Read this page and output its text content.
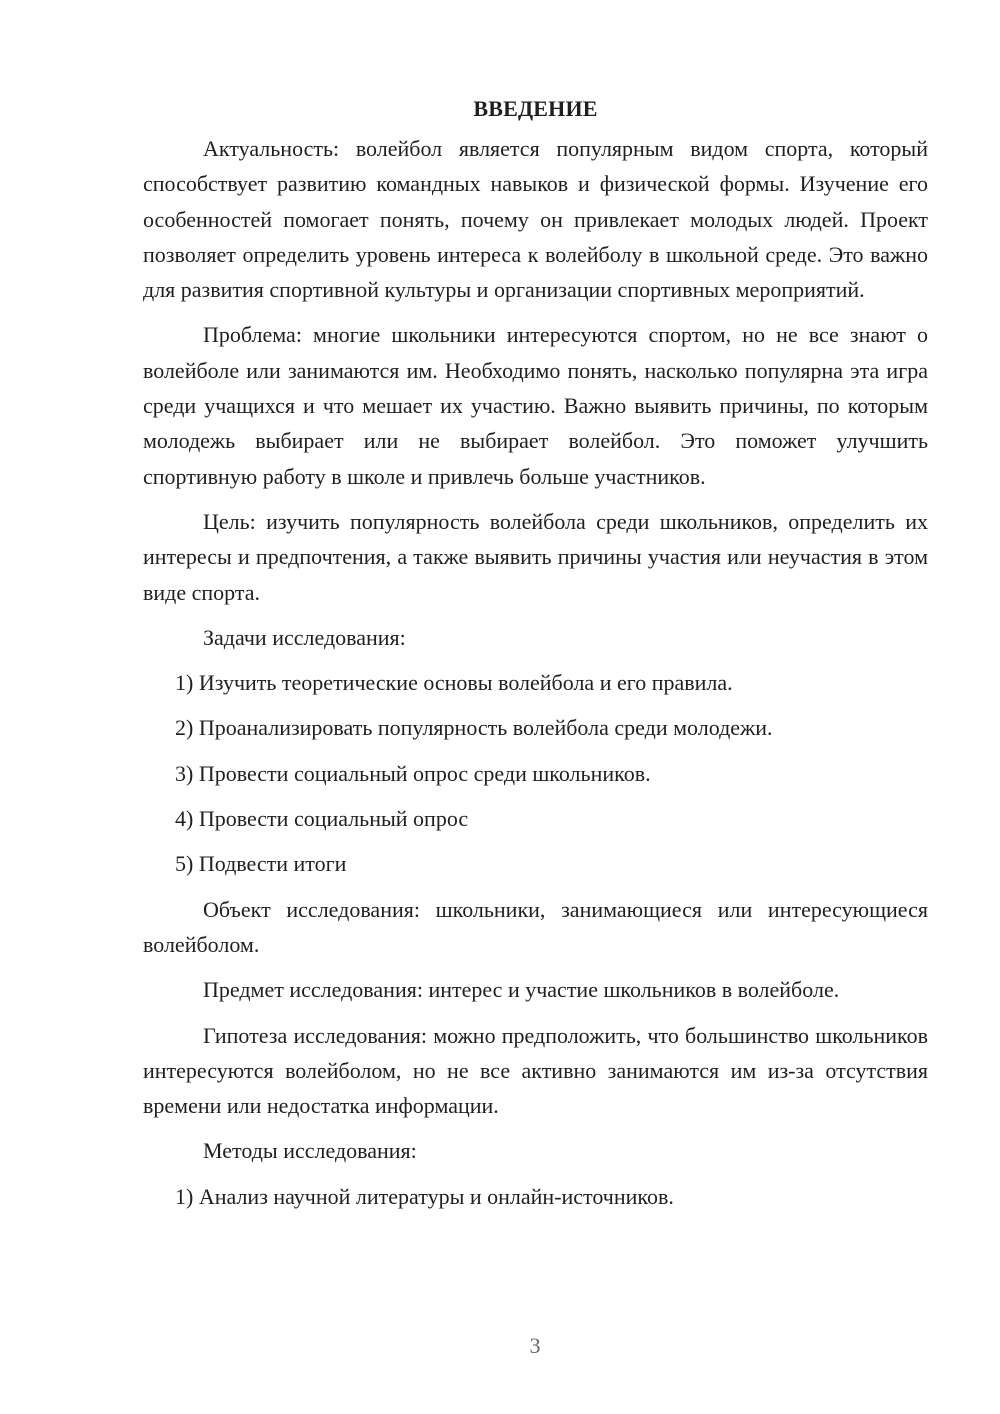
ВВЕДЕНИЕ

Актуальность: волейбол является популярным видом спорта, который способствует развитию командных навыков и физической формы. Изучение его особенностей помогает понять, почему он привлекает молодых людей. Проект позволяет определить уровень интереса к волейболу в школьной среде. Это важно для развития спортивной культуры и организации спортивных мероприятий.

Проблема: многие школьники интересуются спортом, но не все знают о волейболе или занимаются им. Необходимо понять, насколько популярна эта игра среди учащихся и что мешает их участию. Важно выявить причины, по которым молодежь выбирает или не выбирает волейбол. Это поможет улучшить спортивную работу в школе и привлечь больше участников.

Цель: изучить популярность волейбола среди школьников, определить их интересы и предпочтения, а также выявить причины участия или неучастия в этом виде спорта.

Задачи исследования:

1) Изучить теоретические основы волейбола и его правила.

2) Проанализировать популярность волейбола среди молодежи.

3) Провести социальный опрос среди школьников.

4) Провести социальный опрос

5) Подвести итоги

Объект исследования: школьники, занимающиеся или интересующиеся волейболом.

Предмет исследования: интерес и участие школьников в волейболе.

Гипотеза исследования: можно предположить, что большинство школьников интересуются волейболом, но не все активно занимаются им из-за отсутствия времени или недостатка информации.

Методы исследования:

1) Анализ научной литературы и онлайн-источников.

3
